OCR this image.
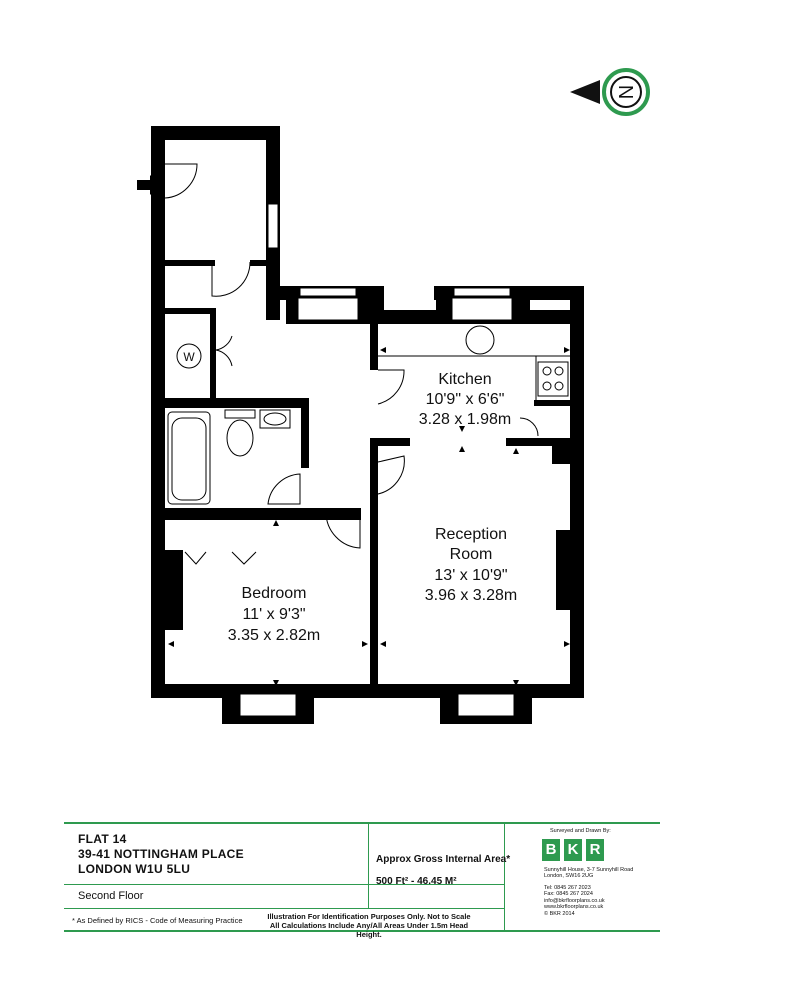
N
W
Kitchen
10'9" x 6'6"
3.28 x 1.98m
Reception
Room
13' x 10'9"
3.96 x 3.28m
Bedroom
11' x 9'3"
3.35 x 2.82m
FLAT 14
39-41 NOTTINGHAM PLACE
LONDON W1U 5LU
Second Floor
Approx Gross Internal Area*
500 Ft² - 46.45 M²
* As Defined by RICS - Code of Measuring Practice	Illustration For Identification Purposes Only. Not to Scale
All Calculations Include Any/All Areas Under 1.5m Head Height.
Surveyed and Drawn By:
B K R
Sunnyhill House, 3-7 Sunnyhill Road
London, SW16 2UG
Tel: 0845 267 2023
Fax: 0845 267 2024
info@bkrfloorplans.co.uk
www.bkrfloorplans.co.uk
© BKR 2014
